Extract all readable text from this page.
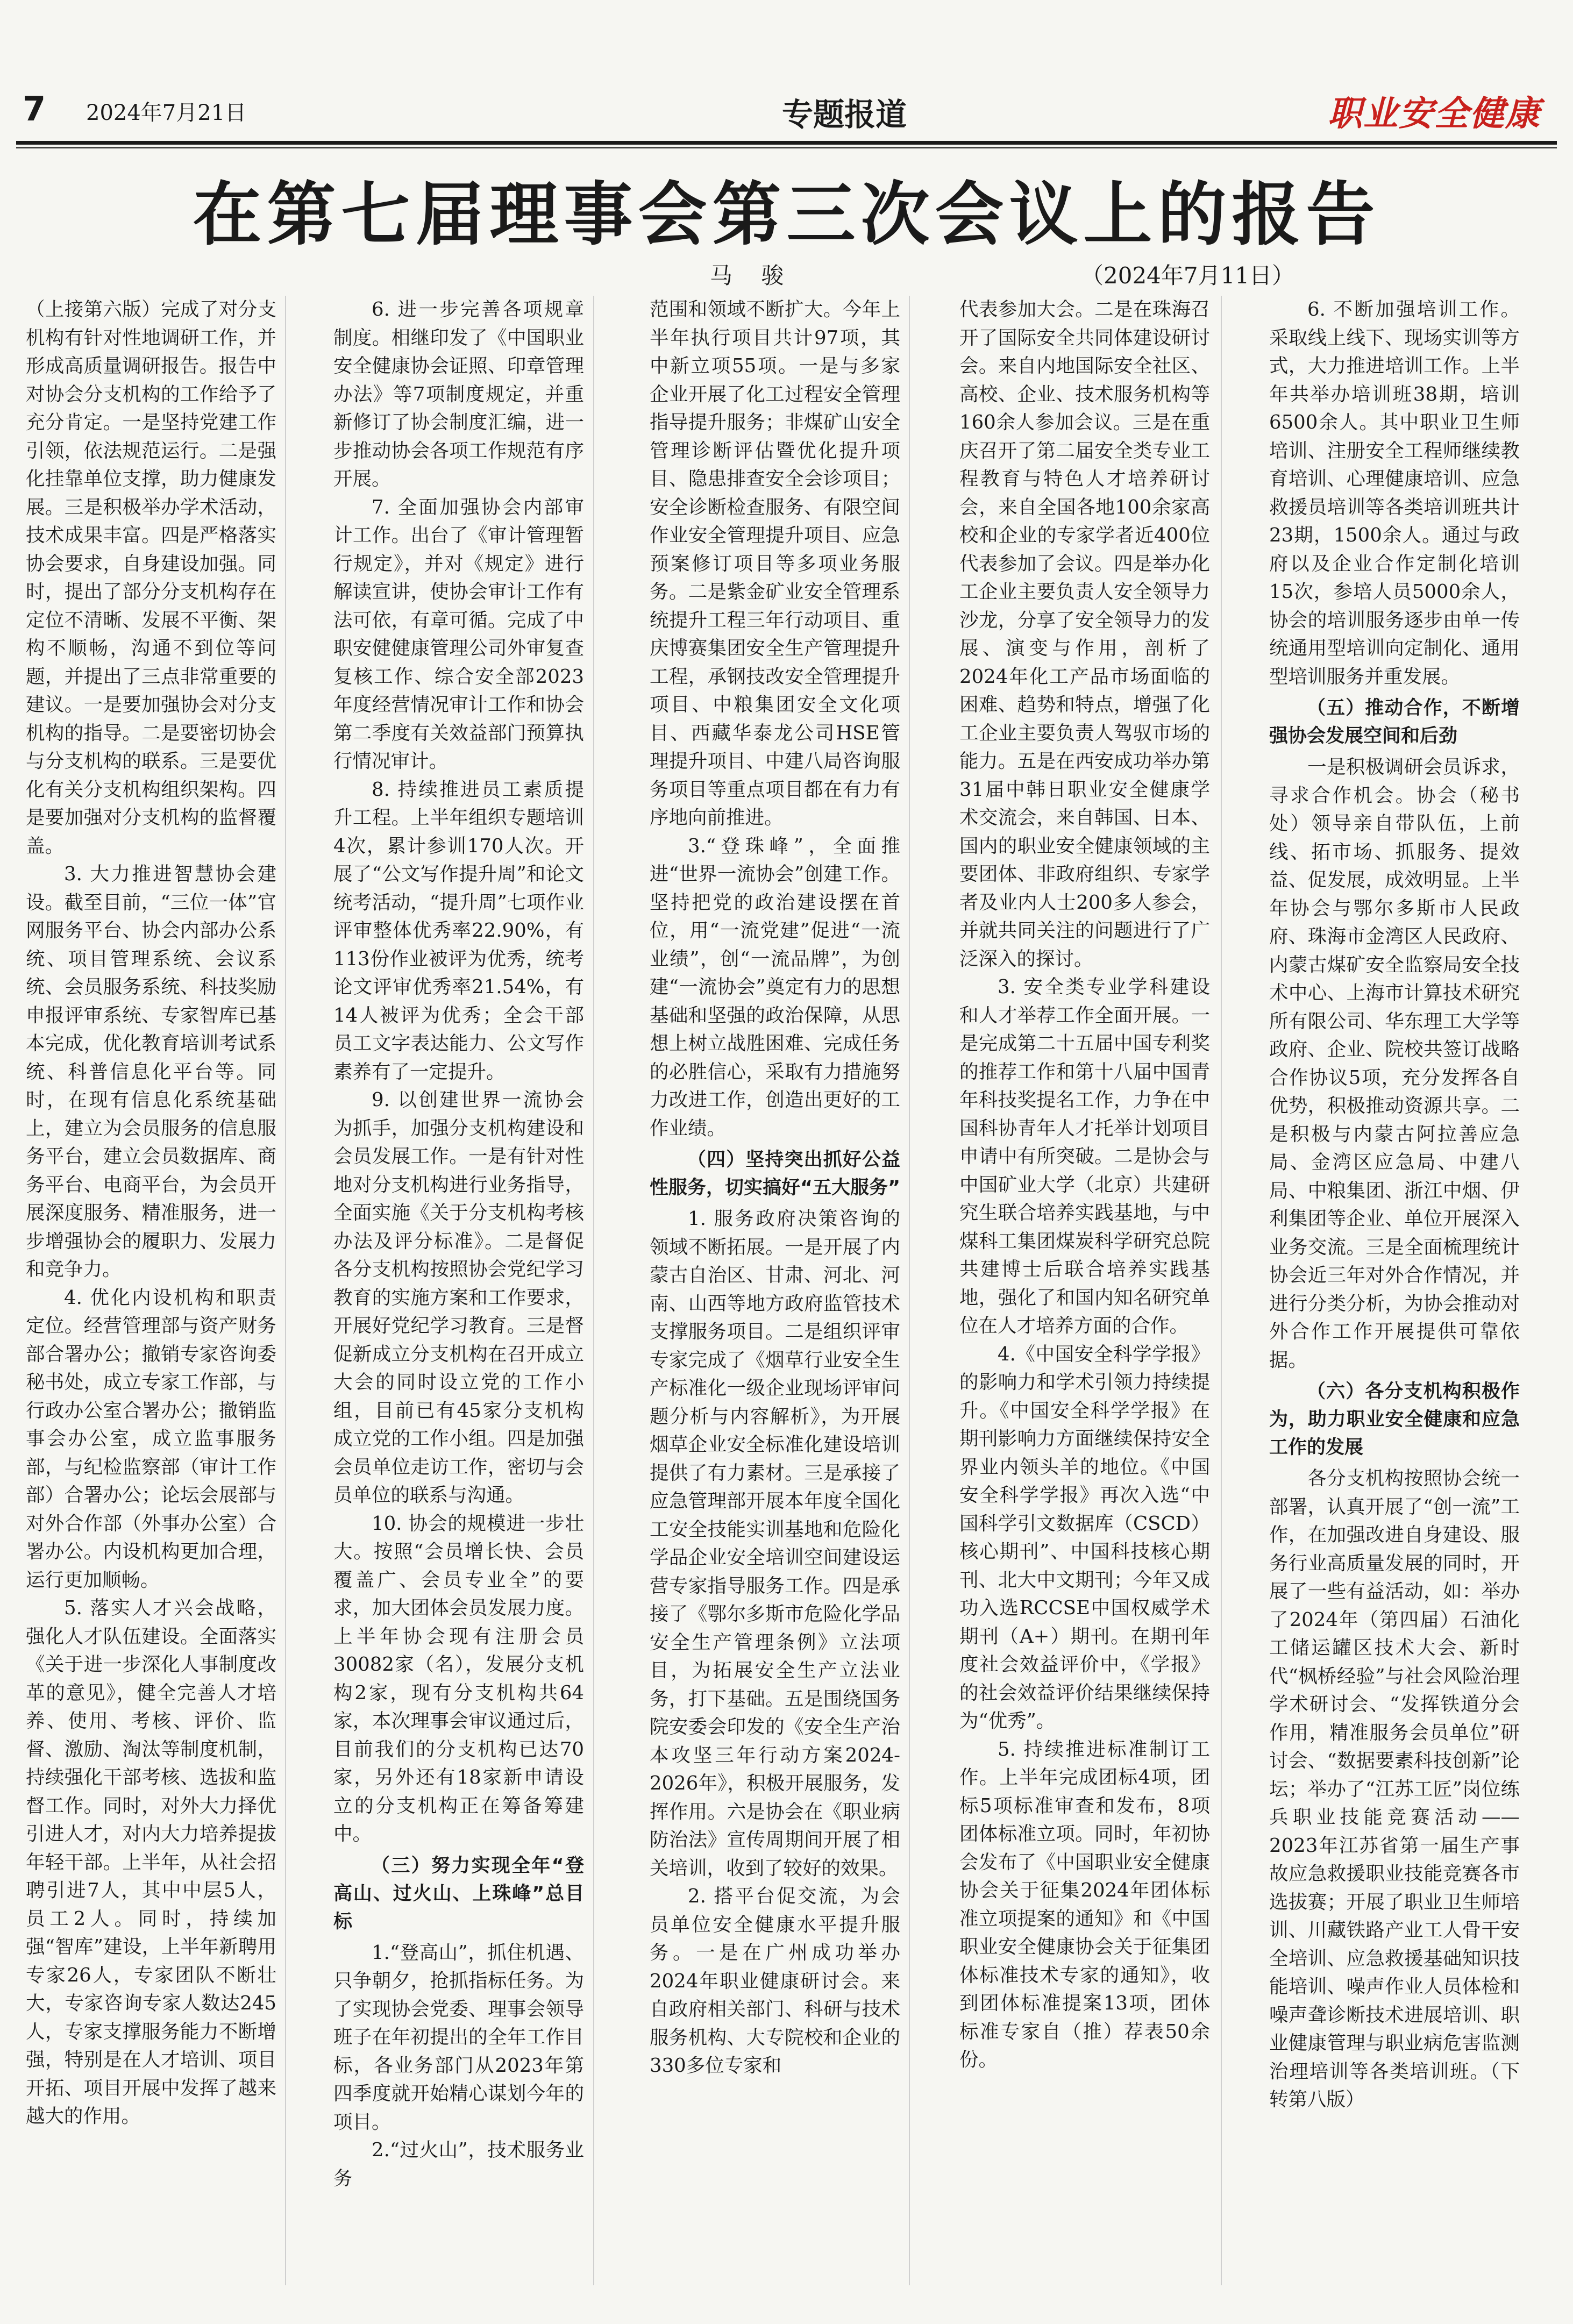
7 2024年7月21日	专题报道	职业安全健康
在第七届理事会第三次会议上的报告
马 骏	（2024年7月11日）

（上接第六版）完成了对分支机构有针对性地调研工作，并形成高质量调研报告。报告中对协会分支机构的工作给予了充分肯定。一是坚持党建工作引领，依法规范运行。二是强化挂靠单位支撑，助力健康发展。三是积极举办学术活动，技术成果丰富。四是严格落实协会要求，自身建设加强。同时，提出了部分分支机构存在定位不清晰、发展不平衡、架构不顺畅，沟通不到位等问题，并提出了三点非常重要的建议。一是要加强协会对分支机构的指导。二是要密切协会与分支机构的联系。三是要优化有关分支机构组织架构。四是要加强对分支机构的监督覆盖。

3. 大力推进智慧协会建设。截至目前，“三位一体”官网服务平台、协会内部办公系统、项目管理系统、会议系统、会员服务系统、科技奖励申报评审系统、专家智库已基本完成，优化教育培训考试系统、科普信息化平台等。同时，在现有信息化系统基础上，建立为会员服务的信息服务平台，建立会员数据库、商务平台、电商平台，为会员开展深度服务、精准服务，进一步增强协会的履职力、发展力和竞争力。

4. 优化内设机构和职责定位。经营管理部与资产财务部合署办公；撤销专家咨询委秘书处，成立专家工作部，与行政办公室合署办公；撤销监事会办公室，成立监事服务部，与纪检监察部（审计工作部）合署办公；论坛会展部与对外合作部（外事办公室）合署办公。内设机构更加合理，运行更加顺畅。

5. 落实人才兴会战略，强化人才队伍建设。全面落实《关于进一步深化人事制度改革的意见》，健全完善人才培养、使用、考核、评价、监督、激励、淘汰等制度机制，持续强化干部考核、选拔和监督工作。同时，对外大力择优引进人才，对内大力培养提拔年轻干部。上半年，从社会招聘引进7人，其中中层5人，员工2人。同时，持续加强“智库”建设，上半年新聘用专家26人，专家团队不断壮大，专家咨询专家人数达245人，专家支撑服务能力不断增强，特别是在人才培训、项目开拓、项目开展中发挥了越来越大的作用。

6. 进一步完善各项规章制度。相继印发了《中国职业安全健康协会证照、印章管理办法》等7项制度规定，并重新修订了协会制度汇编，进一步推动协会各项工作规范有序开展。

7. 全面加强协会内部审计工作。出台了《审计管理暂行规定》，并对《规定》进行解读宣讲，使协会审计工作有法可依，有章可循。完成了中职安健健康管理公司外审复查复核工作、综合安全部2023年度经营情况审计工作和协会第二季度有关效益部门预算执行情况审计。

8. 持续推进员工素质提升工程。上半年组织专题培训4次，累计参训170人次。开展了“公文写作提升周”和论文统考活动，“提升周”七项作业评审整体优秀率22.90%，有113份作业被评为优秀，统考论文评审优秀率21.54%，有14人被评为优秀；全会干部员工文字表达能力、公文写作素养有了一定提升。

9. 以创建世界一流协会为抓手，加强分支机构建设和会员发展工作。一是有针对性地对分支机构进行业务指导，全面实施《关于分支机构考核办法及评分标准》。二是督促各分支机构按照协会党纪学习教育的实施方案和工作要求，开展好党纪学习教育。三是督促新成立分支机构在召开成立大会的同时设立党的工作小组，目前已有45家分支机构成立党的工作小组。四是加强会员单位走访工作，密切与会员单位的联系与沟通。

10. 协会的规模进一步壮大。按照“会员增长快、会员覆盖广、会员专业全”的要求，加大团体会员发展力度。上半年协会现有注册会员30082家（名），发展分支机构2家，现有分支机构共64家，本次理事会审议通过后，目前我们的分支机构已达70家，另外还有18家新申请设立的分支机构正在筹备筹建中。

（三）努力实现全年“登高山、过火山、上珠峰”总目标

1.“登高山”，抓住机遇、只争朝夕，抢抓指标任务。为了实现协会党委、理事会领导班子在年初提出的全年工作目标，各业务部门从2023年第四季度就开始精心谋划今年的项目。

2.“过火山”，技术服务业务

范围和领域不断扩大。今年上半年执行项目共计97项，其中新立项55项。一是与多家企业开展了化工过程安全管理指导提升服务；非煤矿山安全管理诊断评估暨优化提升项目、隐患排查安全会诊项目；安全诊断检查服务、有限空间作业安全管理提升项目、应急预案修订项目等多项业务服务。二是紫金矿业安全管理系统提升工程三年行动项目、重庆博赛集团安全生产管理提升工程，承钢技改安全管理提升项目、中粮集团安全文化项目、西藏华泰龙公司HSE管理提升项目、中建八局咨询服务项目等重点项目都在有力有序地向前推进。

3.“登珠峰”，全面推进“世界一流协会”创建工作。坚持把党的政治建设摆在首位，用“一流党建”促进“一流业绩”，创“一流品牌”，为创建“一流协会”奠定有力的思想基础和坚强的政治保障，从思想上树立战胜困难、完成任务的必胜信心，采取有力措施努力改进工作，创造出更好的工作业绩。

（四）坚持突出抓好公益性服务，切实搞好“五大服务”

1. 服务政府决策咨询的领域不断拓展。一是开展了内蒙古自治区、甘肃、河北、河南、山西等地方政府监管技术支撑服务项目。二是组织评审专家完成了《烟草行业安全生产标准化一级企业现场评审问题分析与内容解析》，为开展烟草企业安全标准化建设培训提供了有力素材。三是承接了应急管理部开展本年度全国化工安全技能实训基地和危险化学品企业安全培训空间建设运营专家指导服务工作。四是承接了《鄂尔多斯市危险化学品安全生产管理条例》立法项目，为拓展安全生产立法业务，打下基础。五是围绕国务院安委会印发的《安全生产治本攻坚三年行动方案2024-2026年》，积极开展服务，发挥作用。六是协会在《职业病防治法》宣传周期间开展了相关培训，收到了较好的效果。

2. 搭平台促交流，为会员单位安全健康水平提升服务。一是在广州成功举办2024年职业健康研讨会。来自政府相关部门、科研与技术服务机构、大专院校和企业的330多位专家和

代表参加大会。二是在珠海召开了国际安全共同体建设研讨会。来自内地国际安全社区、高校、企业、技术服务机构等160余人参加会议。三是在重庆召开了第二届安全类专业工程教育与特色人才培养研讨会，来自全国各地100余家高校和企业的专家学者近400位代表参加了会议。四是举办化工企业主要负责人安全领导力沙龙，分享了安全领导力的发展、演变与作用，剖析了2024年化工产品市场面临的困难、趋势和特点，增强了化工企业主要负责人驾驭市场的能力。五是在西安成功举办第31届中韩日职业安全健康学术交流会，来自韩国、日本、国内的职业安全健康领域的主要团体、非政府组织、专家学者及业内人士200多人参会，并就共同关注的问题进行了广泛深入的探讨。

3. 安全类专业学科建设和人才举荐工作全面开展。一是完成第二十五届中国专利奖的推荐工作和第十八届中国青年科技奖提名工作，力争在中国科协青年人才托举计划项目申请中有所突破。二是协会与中国矿业大学（北京）共建研究生联合培养实践基地，与中煤科工集团煤炭科学研究总院共建博士后联合培养实践基地，强化了和国内知名研究单位在人才培养方面的合作。

4.《中国安全科学学报》的影响力和学术引领力持续提升。《中国安全科学学报》在期刊影响力方面继续保持安全界业内领头羊的地位。《中国安全科学学报》再次入选“中国科学引文数据库（CSCD）核心期刊”、中国科技核心期刊、北大中文期刊；今年又成功入选RCCSE中国权威学术期刊（A+）期刊。在期刊年度社会效益评价中，《学报》的社会效益评价结果继续保持为“优秀”。

5. 持续推进标准制订工作。上半年完成团标4项，团标5项标准审查和发布，8项团体标准立项。同时，年初协会发布了《中国职业安全健康协会关于征集2024年团体标准立项提案的通知》和《中国职业安全健康协会关于征集团体标准技术专家的通知》，收到团体标准提案13项，团体标准专家自（推）荐表50余份。

6. 不断加强培训工作。采取线上线下、现场实训等方式，大力推进培训工作。上半年共举办培训班38期，培训6500余人。其中职业卫生师培训、注册安全工程师继续教育培训、心理健康培训、应急救援员培训等各类培训班共计23期，1500余人。通过与政府以及企业合作定制化培训15次，参培人员5000余人，协会的培训服务逐步由单一传统通用型培训向定制化、通用型培训服务并重发展。

（五）推动合作，不断增强协会发展空间和后劲

一是积极调研会员诉求，寻求合作机会。协会（秘书处）领导亲自带队伍，上前线、拓市场、抓服务、提效益、促发展，成效明显。上半年协会与鄂尔多斯市人民政府、珠海市金湾区人民政府、内蒙古煤矿安全监察局安全技术中心、上海市计算技术研究所有限公司、华东理工大学等政府、企业、院校共签订战略合作协议5项，充分发挥各自优势，积极推动资源共享。二是积极与内蒙古阿拉善应急局、金湾区应急局、中建八局、中粮集团、浙江中烟、伊利集团等企业、单位开展深入业务交流。三是全面梳理统计协会近三年对外合作情况，并进行分类分析，为协会推动对外合作工作开展提供可靠依据。

（六）各分支机构积极作为，助力职业安全健康和应急工作的发展

各分支机构按照协会统一部署，认真开展了“创一流”工作，在加强改进自身建设、服务行业高质量发展的同时，开展了一些有益活动，如：举办了2024年（第四届）石油化工储运罐区技术大会、新时代“枫桥经验”与社会风险治理学术研讨会、“发挥铁道分会作用，精准服务会员单位”研讨会、“数据要素科技创新”论坛；举办了“江苏工匠”岗位练兵职业技能竞赛活动——2023年江苏省第一届生产事故应急救援职业技能竞赛各市选拔赛；开展了职业卫生师培训、川藏铁路产业工人骨干安全培训、应急救援基础知识技能培训、噪声作业人员体检和噪声聋诊断技术进展培训、职业健康管理与职业病危害监测治理培训等各类培训班。（下转第八版）
